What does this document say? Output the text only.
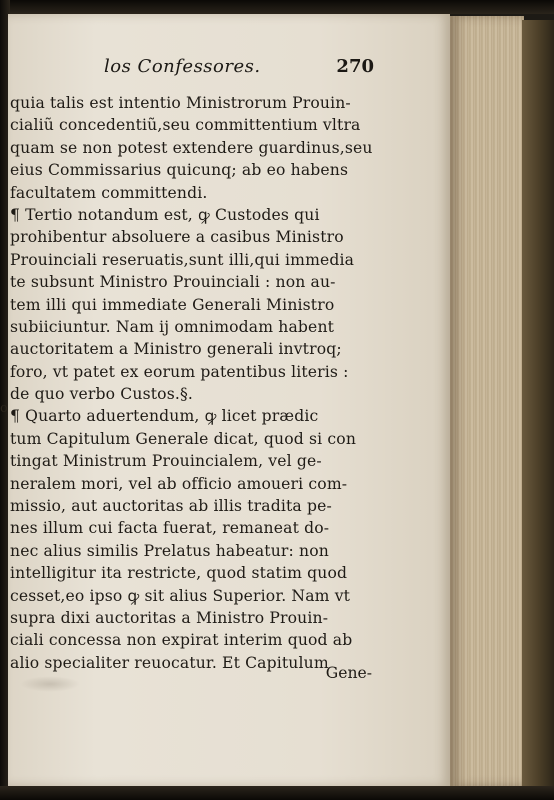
los Confessores.	270
o
quia talis est intentio Ministrorum Prouin-
cialiũ concedentiũ,seu committentium vltra
quam se non potest extendere guardinus,seu
eius Commissarius quicunq; ab eo habens
facultatem committendi.
¶ Tertio notandum est, ꝙ Custodes qui
prohibentur absoluere a casibus Ministro
Prouinciali reseruatis,sunt illi,qui immedia
te subsunt Ministro Prouinciali : non au-
tem illi qui immediate Generali Ministro
subiiciuntur. Nam ij omnimodam habent
auctoritatem a Ministro generali invtroq;
foro, vt patet ex eorum patentibus literis :
de quo verbo Custos.§.
¶ Quarto aduertendum, ꝙ licet prædic
tum Capitulum Generale dicat, quod si con
tingat Ministrum Prouincialem, vel ge-
neralem mori, vel ab officio amoueri com-
missio, aut auctoritas ab illis tradita pe-
nes illum cui facta fuerat, remaneat do-
nec alius similis Prelatus habeatur: non
intelligitur ita restricte, quod statim quod
cesset,eo ipso ꝙ sit alius Superior. Nam vt
supra dixi auctoritas a Ministro Prouin-
ciali concessa non expirat interim quod ab
alio specialiter reuocatur. Et Capitulum
Gene-
